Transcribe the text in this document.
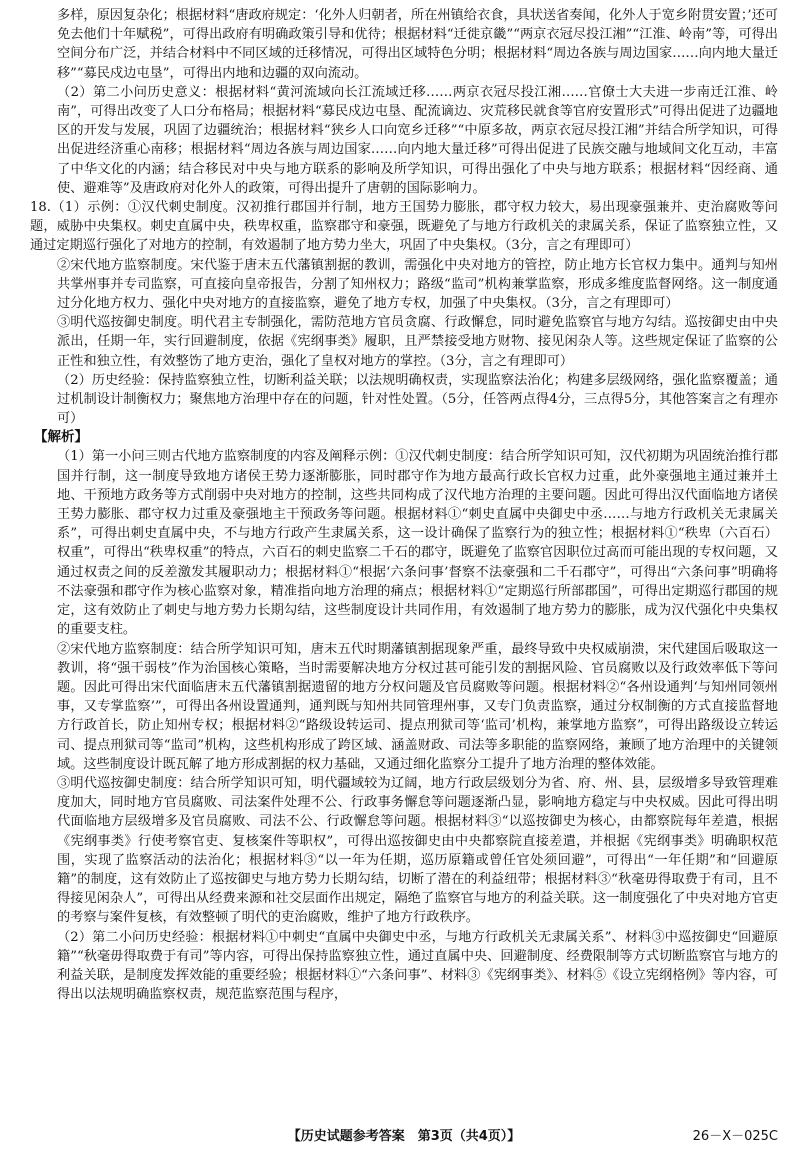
多样，原因复杂化；根据材料“唐政府规定：‘化外人归朝者，所在州镇给衣食，具状送省奏闻，化外人于宽乡附贯安置；’还可免去他们十年赋税”，可得出政府有明确政策引导和优待；根据材料“迁徙京畿”“两京衣冠尽投江湘”“江淮、岭南”等，可得出空间分布广泛，并结合材料中不同区域的迁移情况，可得出区域特色分明；根据材料“周边各族与周边国家……向内地大量迁移”“募民戍边屯垦”，可得出内地和边疆的双向流动。

（2）第二小问历史意义：根据材料“黄河流域向长江流域迁移……两京衣冠尽投江湘……官僚士大夫进一步南迁江淮、岭南”，可得出改变了人口分布格局；根据材料“募民戍边屯垦、配流谪边、灾荒移民就食等官府安置形式”可得出促进了边疆地区的开发与发展，巩固了边疆统治；根据材料“狭乡人口向宽乡迁移”“中原多故，两京衣冠尽投江湘”并结合所学知识，可得出促进经济重心南移；根据材料“周边各族与周边国家……向内地大量迁移”可得出促进了民族交融与地域间文化互动，丰富了中华文化的内涵；结合移民对中央与地方联系的影响及所学知识，可得出强化了中央与地方联系；根据材料“因经商、通使、避难等”及唐政府对化外人的政策，可得出提升了唐朝的国际影响力。

18.（1）示例：①汉代刺史制度。汉初推行郡国并行制，地方王国势力膨胀，郡守权力较大，易出现豪强兼并、吏治腐败等问题，威胁中央集权。刺史直属中央，秩卑权重，监察郡守和豪强，既避免了与地方行政机关的隶属关系，保证了监察独立性，又通过定期巡行强化了对地方的控制，有效遏制了地方势力坐大，巩固了中央集权。（3分，言之有理即可）

②宋代地方监察制度。宋代鉴于唐末五代藩镇割据的教训，需强化中央对地方的管控，防止地方长官权力集中。通判与知州共掌州事并专司监察，可直接向皇帝报告，分割了知州权力；路级“监司”机构兼掌监察，形成多维度监督网络。这一制度通过分化地方权力、强化中央对地方的直接监察，避免了地方专权，加强了中央集权。（3分，言之有理即可）

③明代巡按御史制度。明代君主专制强化，需防范地方官员贪腐、行政懈怠，同时避免监察官与地方勾结。巡按御史由中央派出，任期一年，实行回避制度，依据《宪纲事类》履职，且严禁接受地方财物、接见闲杂人等。这些规定保证了监察的公正性和独立性，有效整饬了地方吏治，强化了皇权对地方的掌控。（3分，言之有理即可）

（2）历史经验：保持监察独立性，切断利益关联；以法规明确权责，实现监察法治化；构建多层级网络，强化监察覆盖；通过机制设计制衡权力；聚焦地方治理中存在的问题，针对性处置。（5分，任答两点得4分，三点得5分，其他答案言之有理亦可）

【解析】

（1）第一小问三则古代地方监察制度的内容及阐释示例：①汉代刺史制度：结合所学知识可知，汉代初期为巩固统治推行郡国并行制，这一制度导致地方诸侯王势力逐渐膨胀，同时郡守作为地方最高行政长官权力过重，此外豪强地主通过兼并土地、干预地方政务等方式削弱中央对地方的控制，这些共同构成了汉代地方治理的主要问题。因此可得出汉代面临地方诸侯王势力膨胀、郡守权力过重及豪强地主干预政务等问题。根据材料①“刺史直属中央御史中丞……与地方行政机关无隶属关系”，可得出刺史直属中央，不与地方行政产生隶属关系，这一设计确保了监察行为的独立性；根据材料①“秩卑（六百石）权重”，可得出“秩卑权重”的特点，六百石的刺史监察二千石的郡守，既避免了监察官因职位过高而可能出现的专权问题，又通过权责之间的反差激发其履职动力；根据材料①“根据‘六条问事’督察不法豪强和二千石郡守”，可得出“六条问事”明确将不法豪强和郡守作为核心监察对象，精准指向地方治理的痛点；根据材料①“定期巡行所部郡国”，可得出定期巡行郡国的规定，这有效防止了刺史与地方势力长期勾结，这些制度设计共同作用，有效遏制了地方势力的膨胀，成为汉代强化中央集权的重要支柱。

②宋代地方监察制度：结合所学知识可知，唐末五代时期藩镇割据现象严重，最终导致中央权威崩溃，宋代建国后吸取这一教训，将“强干弱枝”作为治国核心策略，当时需要解决地方分权过甚可能引发的割据风险、官员腐败以及行政效率低下等问题。因此可得出宋代面临唐末五代藩镇割据遗留的地方分权问题及官员腐败等问题。根据材料②“各州设通判‘与知州同领州事，又专掌监察’”，可得出各州设置通判，通判既与知州共同管理州事，又专门负责监察，通过分权制衡的方式直接监督地方行政首长，防止知州专权；根据材料②“路级设转运司、提点刑狱司等‘监司’机构，兼掌地方监察”，可得出路级设立转运司、提点刑狱司等“监司”机构，这些机构形成了跨区域、涵盖财政、司法等多职能的监察网络，兼顾了地方治理中的关键领域。这些制度设计既瓦解了地方形成割据的权力基础，又通过细化监察分工提升了地方治理的整体效能。

③明代巡按御史制度：结合所学知识可知，明代疆域较为辽阔，地方行政层级划分为省、府、州、县，层级增多导致管理难度加大，同时地方官员腐败、司法案件处理不公、行政事务懈怠等问题逐渐凸显，影响地方稳定与中央权威。因此可得出明代面临地方层级增多及官员腐败、司法不公、行政懈怠等问题。根据材料③“以巡按御史为核心，由都察院每年差遣，根据《宪纲事类》行使考察官吏、复核案件等职权”，可得出巡按御史由中央都察院直接差遣，并根据《宪纲事类》明确职权范围，实现了监察活动的法治化；根据材料③“以一年为任期，巡历原籍或曾任官处须回避”，可得出“一年任期”和“回避原籍”的制度，这有效防止了巡按御史与地方势力长期勾结，切断了潜在的利益纽带；根据材料③“秋毫毋得取费于有司，且不得接见闲杂人”，可得出从经费来源和社交层面作出规定，隔绝了监察官与地方的利益关联。这一制度强化了中央对地方官吏的考察与案件复核，有效整顿了明代的吏治腐败，维护了地方行政秩序。

（2）第二小问历史经验：根据材料①中刺史“直属中央御史中丞，与地方行政机关无隶属关系”、材料③中巡按御史“回避原籍”“秋毫毋得取费于有司”等内容，可得出保持监察独立性，通过直属中央、回避制度、经费限制等方式切断监察官与地方的利益关联，是制度发挥效能的重要经验；根据材料①“六条问事”、材料③《宪纲事类》、材料⑤《设立宪纲格例》等内容，可得出以法规明确监察权责，规范监察范围与程序，

【历史试题参考答案　第3页（共4页）】	26－X－025C
